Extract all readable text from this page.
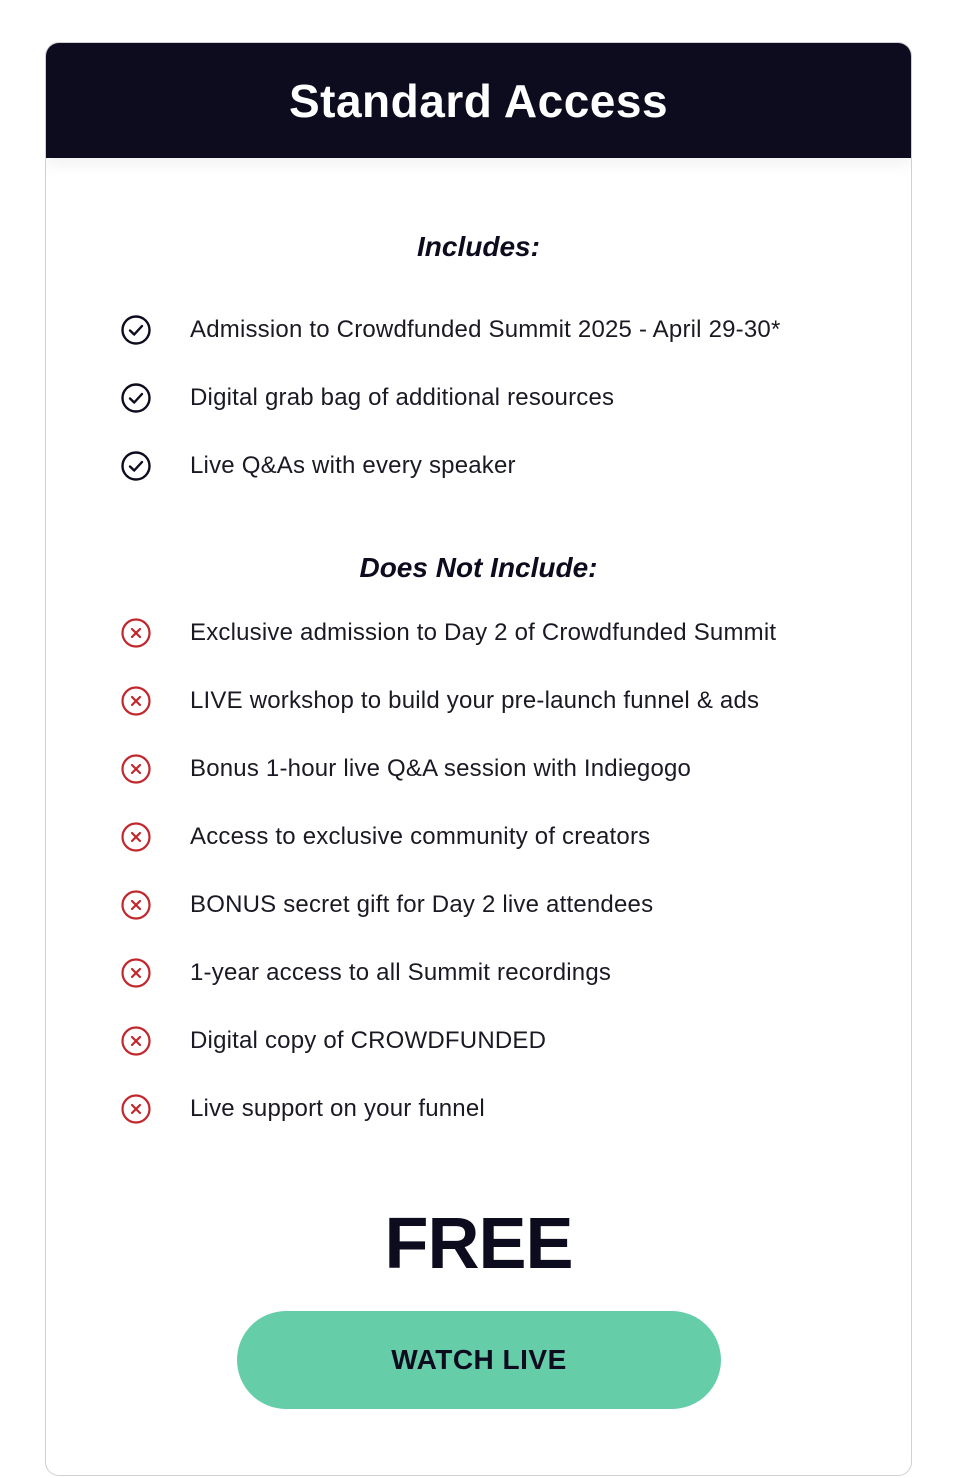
Standard Access
Includes:
Admission to Crowdfunded Summit 2025 - April 29-30*
Digital grab bag of additional resources
Live Q&As with every speaker
Does Not Include:
Exclusive admission to Day 2 of Crowdfunded Summit
LIVE workshop to build your pre-launch funnel & ads
Bonus 1-hour live Q&A session with Indiegogo
Access to exclusive community of creators
BONUS secret gift for Day 2 live attendees
1-year access to all Summit recordings
Digital copy of CROWDFUNDED
Live support on your funnel
FREE
WATCH LIVE
